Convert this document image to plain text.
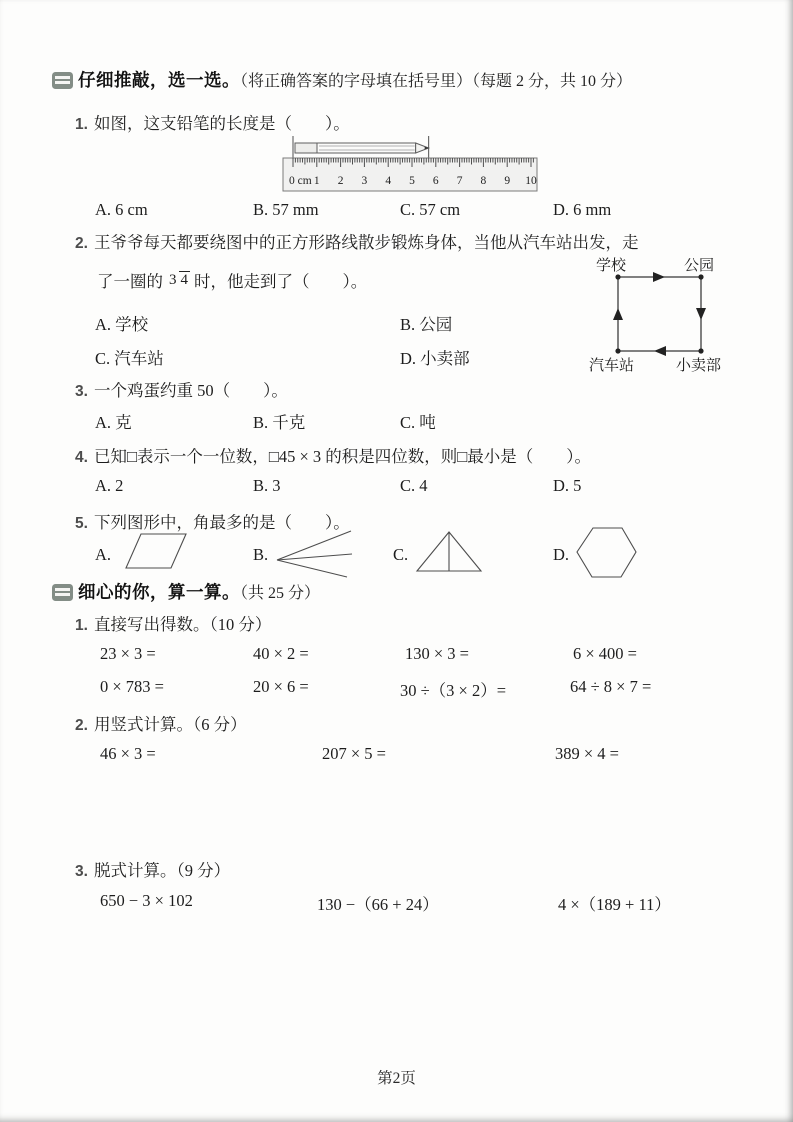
仔细推敲，选一选。（将正确答案的字母填在括号里）（每题 2 分，共 10 分）
1. 如图，这支铅笔的长度是（　　）。
0 cm 1 2 3 4 5 6 7 8 9 10
A. 6 cm	B. 57 mm	C. 57 cm	D. 6 mm
2. 王爷爷每天都要绕图中的正方形路线散步锻炼身体，当他从汽车站出发，走
了一圈的 3 4 时，他走到了（　　）。
学校	公园
汽车站	小卖部
A. 学校	B. 公园
C. 汽车站	D. 小卖部
3. 一个鸡蛋约重 50（　　）。
A. 克	B. 千克	C. 吨
4. 已知□表示一个一位数，□45 × 3 的积是四位数，则□最小是（　　）。
A. 2	B. 3	C. 4	D. 5
5. 下列图形中，角最多的是（　　）。
A.	B.	C.	D.
细心的你，算一算。（共 25 分）
1. 直接写出得数。（10 分）
23 × 3 =	40 × 2 =	130 × 3 =	6 × 400 =
0 × 783 =	20 × 6 =	30 ÷（3 × 2）=	64 ÷ 8 × 7 =
2. 用竖式计算。（6 分）
46 × 3 =	207 × 5 =	389 × 4 =
3. 脱式计算。（9 分）
650 − 3 × 102	130 −（66 + 24）	4 ×（189 + 11）
第2页
